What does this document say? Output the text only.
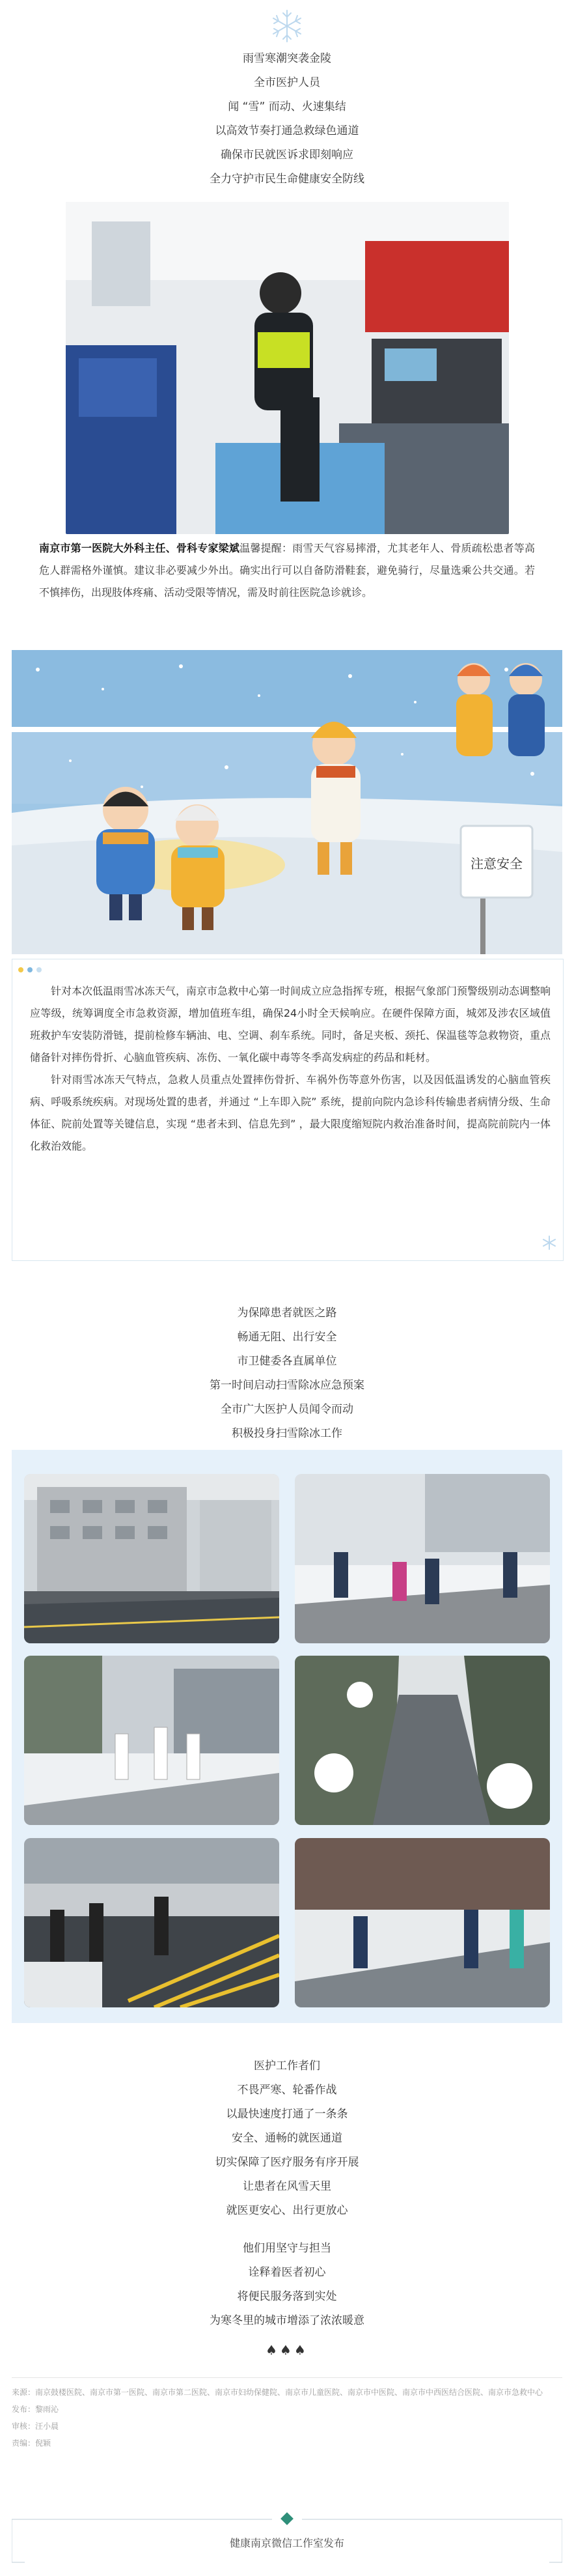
雨雪寒潮突袭金陵
全市医护人员
闻 “雪” 而动、火速集结
以高效节奏打通急救绿色通道
确保市民就医诉求即刻响应
全力守护市民生命健康安全防线
南京市第一医院大外科主任、骨科专家梁斌温馨提醒：雨雪天气容易摔滑，尤其老年人、骨质疏松患者等高危人群需格外谨慎。建议非必要减少外出。确实出行可以自备防滑鞋套，避免骑行，尽量选乘公共交通。若不慎摔伤，出现肢体疼痛、活动受限等情况，需及时前往医院急诊就诊。
注意安全

针对本次低温雨雪冰冻天气，南京市急救中心第一时间成立应急指挥专班，根据气象部门预警级别动态调整响应等级，统筹调度全市急救资源，增加值班车组，确保24小时全天候响应。在硬件保障方面，城郊及涉农区域值班救护车安装防滑链，提前检修车辆油、电、空调、刹车系统。同时，备足夹板、颈托、保温毯等急救物资，重点储备针对摔伤骨折、心脑血管疾病、冻伤、一氧化碳中毒等冬季高发病症的药品和耗材。

针对雨雪冰冻天气特点，急救人员重点处置摔伤骨折、车祸外伤等意外伤害，以及因低温诱发的心脑血管疾病、呼吸系统疾病。对现场处置的患者，并通过 “上车即入院” 系统，提前向院内急诊科传输患者病情分级、生命体征、院前处置等关键信息，实现 “患者未到、信息先到” ，最大限度缩短院内救治准备时间，提高院前院内一体化救治效能。

为保障患者就医之路
畅通无阻、出行安全
市卫健委各直属单位
第一时间启动扫雪除冰应急预案
全市广大医护人员闻令而动
积极投身扫雪除冰工作
医护工作者们
不畏严寒、轮番作战
以最快速度打通了一条条
安全、通畅的就医通道
切实保障了医疗服务有序开展
让患者在风雪天里
就医更安心、出行更放心
他们用坚守与担当
诠释着医者初心
将便民服务落到实处
为寒冬里的城市增添了浓浓暖意
♠♠♠
来源：南京鼓楼医院、南京市第一医院、南京市第二医院、南京市妇幼保健院、南京市儿童医院、南京市中医院、南京市中西医结合医院、南京市急救中心
发布：黎雨沁
审核：汪小晨
责编：倪颖
健康南京微信工作室发布
